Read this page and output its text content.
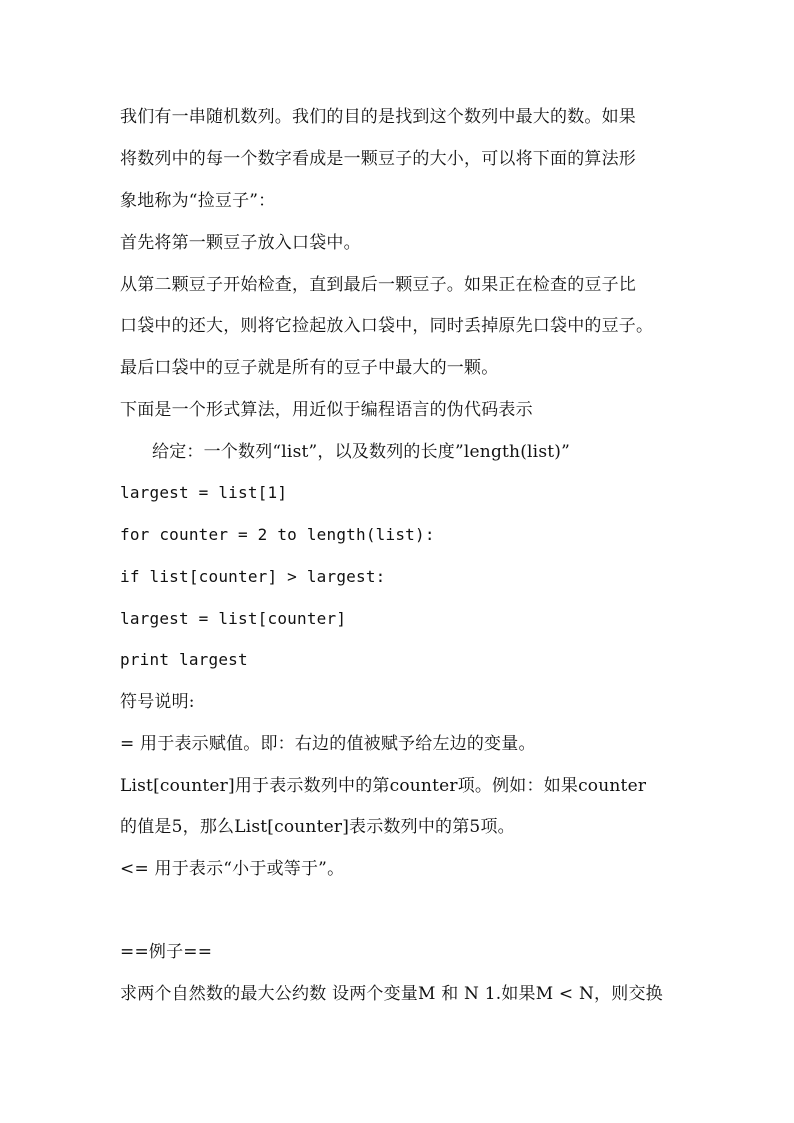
我们有一串随机数列。我们的目的是找到这个数列中最大的数。如果
将数列中的每一个数字看成是一颗豆子的大小，可以将下面的算法形
象地称为“捡豆子”：
首先将第一颗豆子放入口袋中。
从第二颗豆子开始检查，直到最后一颗豆子。如果正在检查的豆子比
口袋中的还大，则将它捡起放入口袋中，同时丢掉原先口袋中的豆子。
最后口袋中的豆子就是所有的豆子中最大的一颗。
下面是一个形式算法，用近似于编程语言的伪代码表示
给定：一个数列“list”，以及数列的长度”length(list)”
largest = list[1]
for counter = 2 to length(list):
if list[counter] > largest:
largest = list[counter]
print largest
符号说明:
= 用于表示赋值。即：右边的值被赋予给左边的变量。
List[counter]用于表示数列中的第counter项。例如：如果counter
的值是5，那么List[counter]表示数列中的第5项。
<= 用于表示“小于或等于”。
==例子==
求两个自然数的最大公约数 设两个变量M 和 N 1.如果M < N，则交换
